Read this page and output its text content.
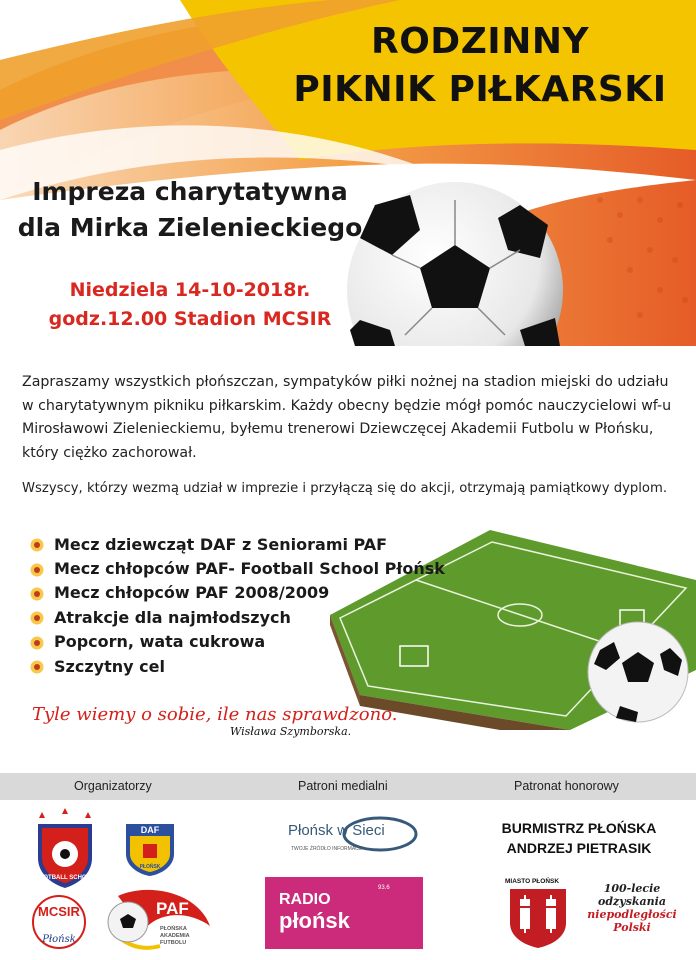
RODZINNY
PIKNIK PIŁKARSKI
Impreza charytatywna
dla Mirka Zielenieckiego
Niedziela 14-10-2018r.
godz.12.00 Stadion MCSIR

Zapraszamy wszystkich płońszczan, sympatyków piłki nożnej na stadion miejski do udziału w charytatywnym pikniku piłkarskim. Każdy obecny będzie mógł pomóc nauczycielowi wf-u Mirosławowi Zielenieckiemu, byłemu trenerowi Dziewczęcej Akademii Futbolu w Płońsku, który ciężko zachorował.

Wszyscy, którzy wezmą udział w imprezie i przyłączą się do akcji, otrzymają pamiątkowy dyplom.

Mecz dziewcząt DAF z Seniorami PAF
Mecz chłopców PAF- Football School Płońsk
Mecz chłopców PAF 2008/2009
Atrakcje dla najmłodszych
Popcorn, wata cukrowa
Szczytny cel
Tyle wiemy o sobie, ile nas sprawdzono.
Wisława Szymborska.
Organizatorzy	Patroni medialni	Patronat honorowy
FOOTBALL SCHOOL
DAF
PŁOŃSK
MCSIR
Płońsk
PAF
PŁOŃSKA
AKADEMIA
FUTBOLU
Płońsk w Sieci
TWOJE ŹRÓDŁO INFORMACJI
RADIO
płońsk
93.6
BURMISTRZ PŁOŃSKA
ANDRZEJ PIETRASIK
MIASTO PŁOŃSK
100-lecie
odzyskania
niepodległości
Polski
